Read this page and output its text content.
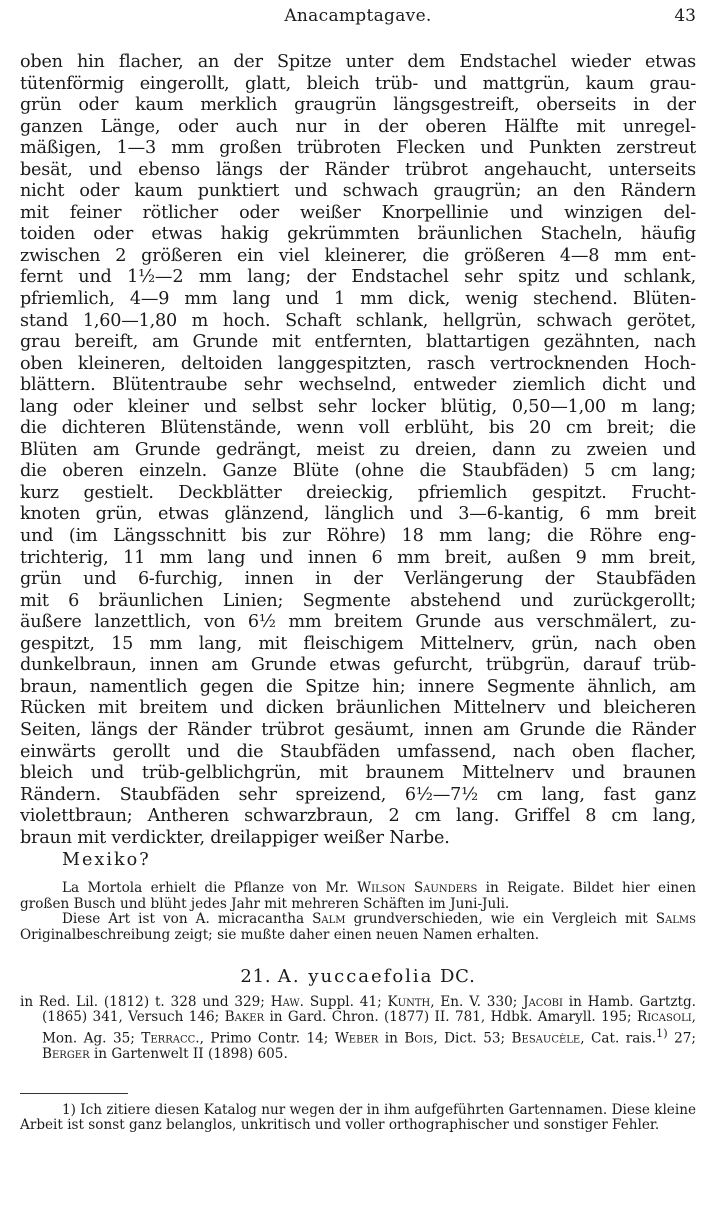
Anacamptagave.	43
oben hin flacher, an der Spitze unter dem Endstachel wieder etwas
tütenförmig eingerollt, glatt, bleich trüb- und mattgrün, kaum grau-
grün oder kaum merklich graugrün längsgestreift, oberseits in der
ganzen Länge, oder auch nur in der oberen Hälfte mit unregel-
mäßigen, 1—3 mm großen trübroten Flecken und Punkten zerstreut
besät, und ebenso längs der Ränder trübrot angehaucht, unterseits
nicht oder kaum punktiert und schwach graugrün; an den Rändern
mit feiner rötlicher oder weißer Knorpellinie und winzigen del-
toiden oder etwas hakig gekrümmten bräunlichen Stacheln, häufig
zwischen 2 größeren ein viel kleinerer, die größeren 4—8 mm ent-
fernt und 1½—2 mm lang; der Endstachel sehr spitz und schlank,
pfriemlich, 4—9 mm lang und 1 mm dick, wenig stechend. Blüten-
stand 1,60—1,80 m hoch. Schaft schlank, hellgrün, schwach gerötet,
grau bereift, am Grunde mit entfernten, blattartigen gezähnten, nach
oben kleineren, deltoiden langgespitzten, rasch vertrocknenden Hoch-
blättern. Blütentraube sehr wechselnd, entweder ziemlich dicht und
lang oder kleiner und selbst sehr locker blütig, 0,50—1,00 m lang;
die dichteren Blütenstände, wenn voll erblüht, bis 20 cm breit; die
Blüten am Grunde gedrängt, meist zu dreien, dann zu zweien und
die oberen einzeln. Ganze Blüte (ohne die Staubfäden) 5 cm lang;
kurz gestielt. Deckblätter dreieckig, pfriemlich gespitzt. Frucht-
knoten grün, etwas glänzend, länglich und 3—6-kantig, 6 mm breit
und (im Längsschnitt bis zur Röhre) 18 mm lang; die Röhre eng-
trichterig, 11 mm lang und innen 6 mm breit, außen 9 mm breit,
grün und 6-furchig, innen in der Verlängerung der Staubfäden
mit 6 bräunlichen Linien; Segmente abstehend und zurückgerollt;
äußere lanzettlich, von 6½ mm breitem Grunde aus verschmälert, zu-
gespitzt, 15 mm lang, mit fleischigem Mittelnerv, grün, nach oben
dunkelbraun, innen am Grunde etwas gefurcht, trübgrün, darauf trüb-
braun, namentlich gegen die Spitze hin; innere Segmente ähnlich, am
Rücken mit breitem und dicken bräunlichen Mittelnerv und bleicheren
Seiten, längs der Ränder trübrot gesäumt, innen am Grunde die Ränder
einwärts gerollt und die Staubfäden umfassend, nach oben flacher,
bleich und trüb-gelblichgrün, mit braunem Mittelnerv und braunen
Rändern. Staubfäden sehr spreizend, 6½—7½ cm lang, fast ganz
violettbraun; Antheren schwarzbraun, 2 cm lang. Griffel 8 cm lang,
braun mit verdickter, dreilappiger weißer Narbe.
Mexiko?

La Mortola erhielt die Pflanze von Mr. Wilson Saunders in Reigate. Bildet hier einen großen Busch und blüht jedes Jahr mit mehreren Schäften im Juni-Juli.

Diese Art ist von A. micracantha Salm grundverschieden, wie ein Vergleich mit Salms Originalbeschreibung zeigt; sie mußte daher einen neuen Namen erhalten.

21. A. yuccaefolia DC.
in Red. Lil. (1812) t. 328 und 329; Haw. Suppl. 41; Kunth, En. V. 330; Jacobi in Hamb. Gartztg. (1865) 341, Versuch 146; Baker in Gard. Chron. (1877) II. 781, Hdbk. Amaryll. 195; Ricasoli, Mon. Ag. 35; Terracc., Primo Contr. 14; Weber in Bois, Dict. 53; Besaucèle, Cat. rais.$^{1)}$ 27; Berger in Gartenwelt II (1898) 605.
1) Ich zitiere diesen Katalog nur wegen der in ihm aufgeführten Gartennamen. Diese kleine Arbeit ist sonst ganz belanglos, unkritisch und voller orthographischer und sonstiger Fehler.
